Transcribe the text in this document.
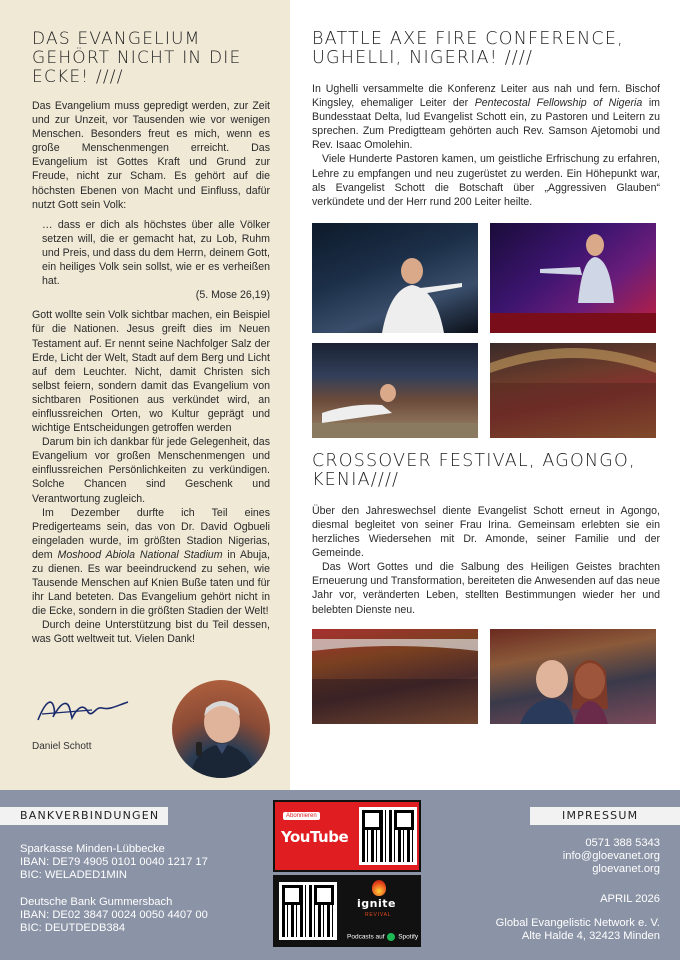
DAS EVANGELIUM GEHÖRT NICHT IN DIE ECKE! ////

Das Evangelium muss gepredigt werden, zur Zeit und zur Unzeit, vor Tausenden wie vor wenigen Menschen. Besonders freut es mich, wenn es große Menschenmengen erreicht. Das Evangelium ist Gottes Kraft und Grund zur Freude, nicht zur Scham. Es gehört auf die höchsten Ebenen von Macht und Einfluss, dafür nutzt Gott sein Volk:

… dass er dich als höchstes über alle Völker setzen will, die er gemacht hat, zu Lob, Ruhm und Preis, und dass du dem Herrn, deinem Gott, ein heiliges Volk sein sollst, wie er es verheißen hat.

(5. Mose 26,19)

Gott wollte sein Volk sichtbar machen, ein Beispiel für die Nationen. Jesus greift dies im Neuen Testament auf. Er nennt seine Nachfolger Salz der Erde, Licht der Welt, Stadt auf dem Berg und Licht auf dem Leuchter. Nicht, damit Christen sich selbst feiern, sondern damit das Evangelium von sichtbaren Positionen aus verkündet wird, an einflussreichen Orten, wo Kultur geprägt und wichtige Entscheidungen getroffen werden

Darum bin ich dankbar für jede Gelegenheit, das Evangelium vor großen Menschenmengen und einflussreichen Persönlichkeiten zu verkündigen. Solche Chancen sind Geschenk und Verantwortung zugleich.

Im Dezember durfte ich Teil eines Predigerteams sein, das von Dr. David Ogbueli eingeladen wurde, im größten Stadion Nigerias, dem Moshood Abiola National Stadium in Abuja, zu dienen. Es war beeindruckend zu sehen, wie Tausende Menschen auf Knien Buße taten und für ihr Land beteten. Das Evangelium gehört nicht in die Ecke, sondern in die größten Stadien der Welt!

Durch deine Unterstützung bist du Teil dessen, was Gott weltweit tut. Vielen Dank!

Daniel Schott
BATTLE AXE FIRE CONFERENCE, UGHELLI, NIGERIA! ////

In Ughelli versammelte die Konferenz Leiter aus nah und fern. Bischof Kingsley, ehemaliger Leiter der Pentecostal Fellowship of Nigeria im Bundesstaat Delta, lud Evangelist Schott ein, zu Pastoren und Leitern zu sprechen. Zum Predigtteam gehörten auch Rev. Samson Ajetomobi und Rev. Isaac Omolehin.

Viele Hunderte Pastoren kamen, um geistliche Erfrischung zu erfahren, Lehre zu empfangen und neu zugerüstet zu werden. Ein Höhepunkt war, als Evangelist Schott die Botschaft über „Aggressiven Glauben“ verkündete und der Herr rund 200 Leiter heilte.

CROSSOVER FESTIVAL, AGONGO, KENIA////

Über den Jahreswechsel diente Evangelist Schott erneut in Agongo, diesmal begleitet von seiner Frau Irina. Gemeinsam erlebten sie ein herzliches Wiedersehen mit Dr. Amonde, seiner Familie und der Gemeinde.

Das Wort Gottes und die Salbung des Heiligen Geistes brachten Erneuerung und Transformation, bereiteten die Anwesenden auf das neue Jahr vor, veränderten Leben, stellten Bestimmungen wieder her und belebten Dienste neu.

BANKVERBINDUNGEN
Sparkasse Minden-Lübbecke
IBAN: DE79 4905 0101 0040 1217 17
BIC: WELADED1MIN
Deutsche Bank Gummersbach
IBAN: DE02 3847 0024 0050 4407 00
BIC: DEUTDEDB384
Abonnieren
YouTube
ignite
REVIVAL
Podcasts auf Spotify
IMPRESSUM
0571 388 5343
info@gloevanet.org
gloevanet.org
APRIL 2026
Global Evangelistic Network e. V.
Alte Halde 4, 32423 Minden
